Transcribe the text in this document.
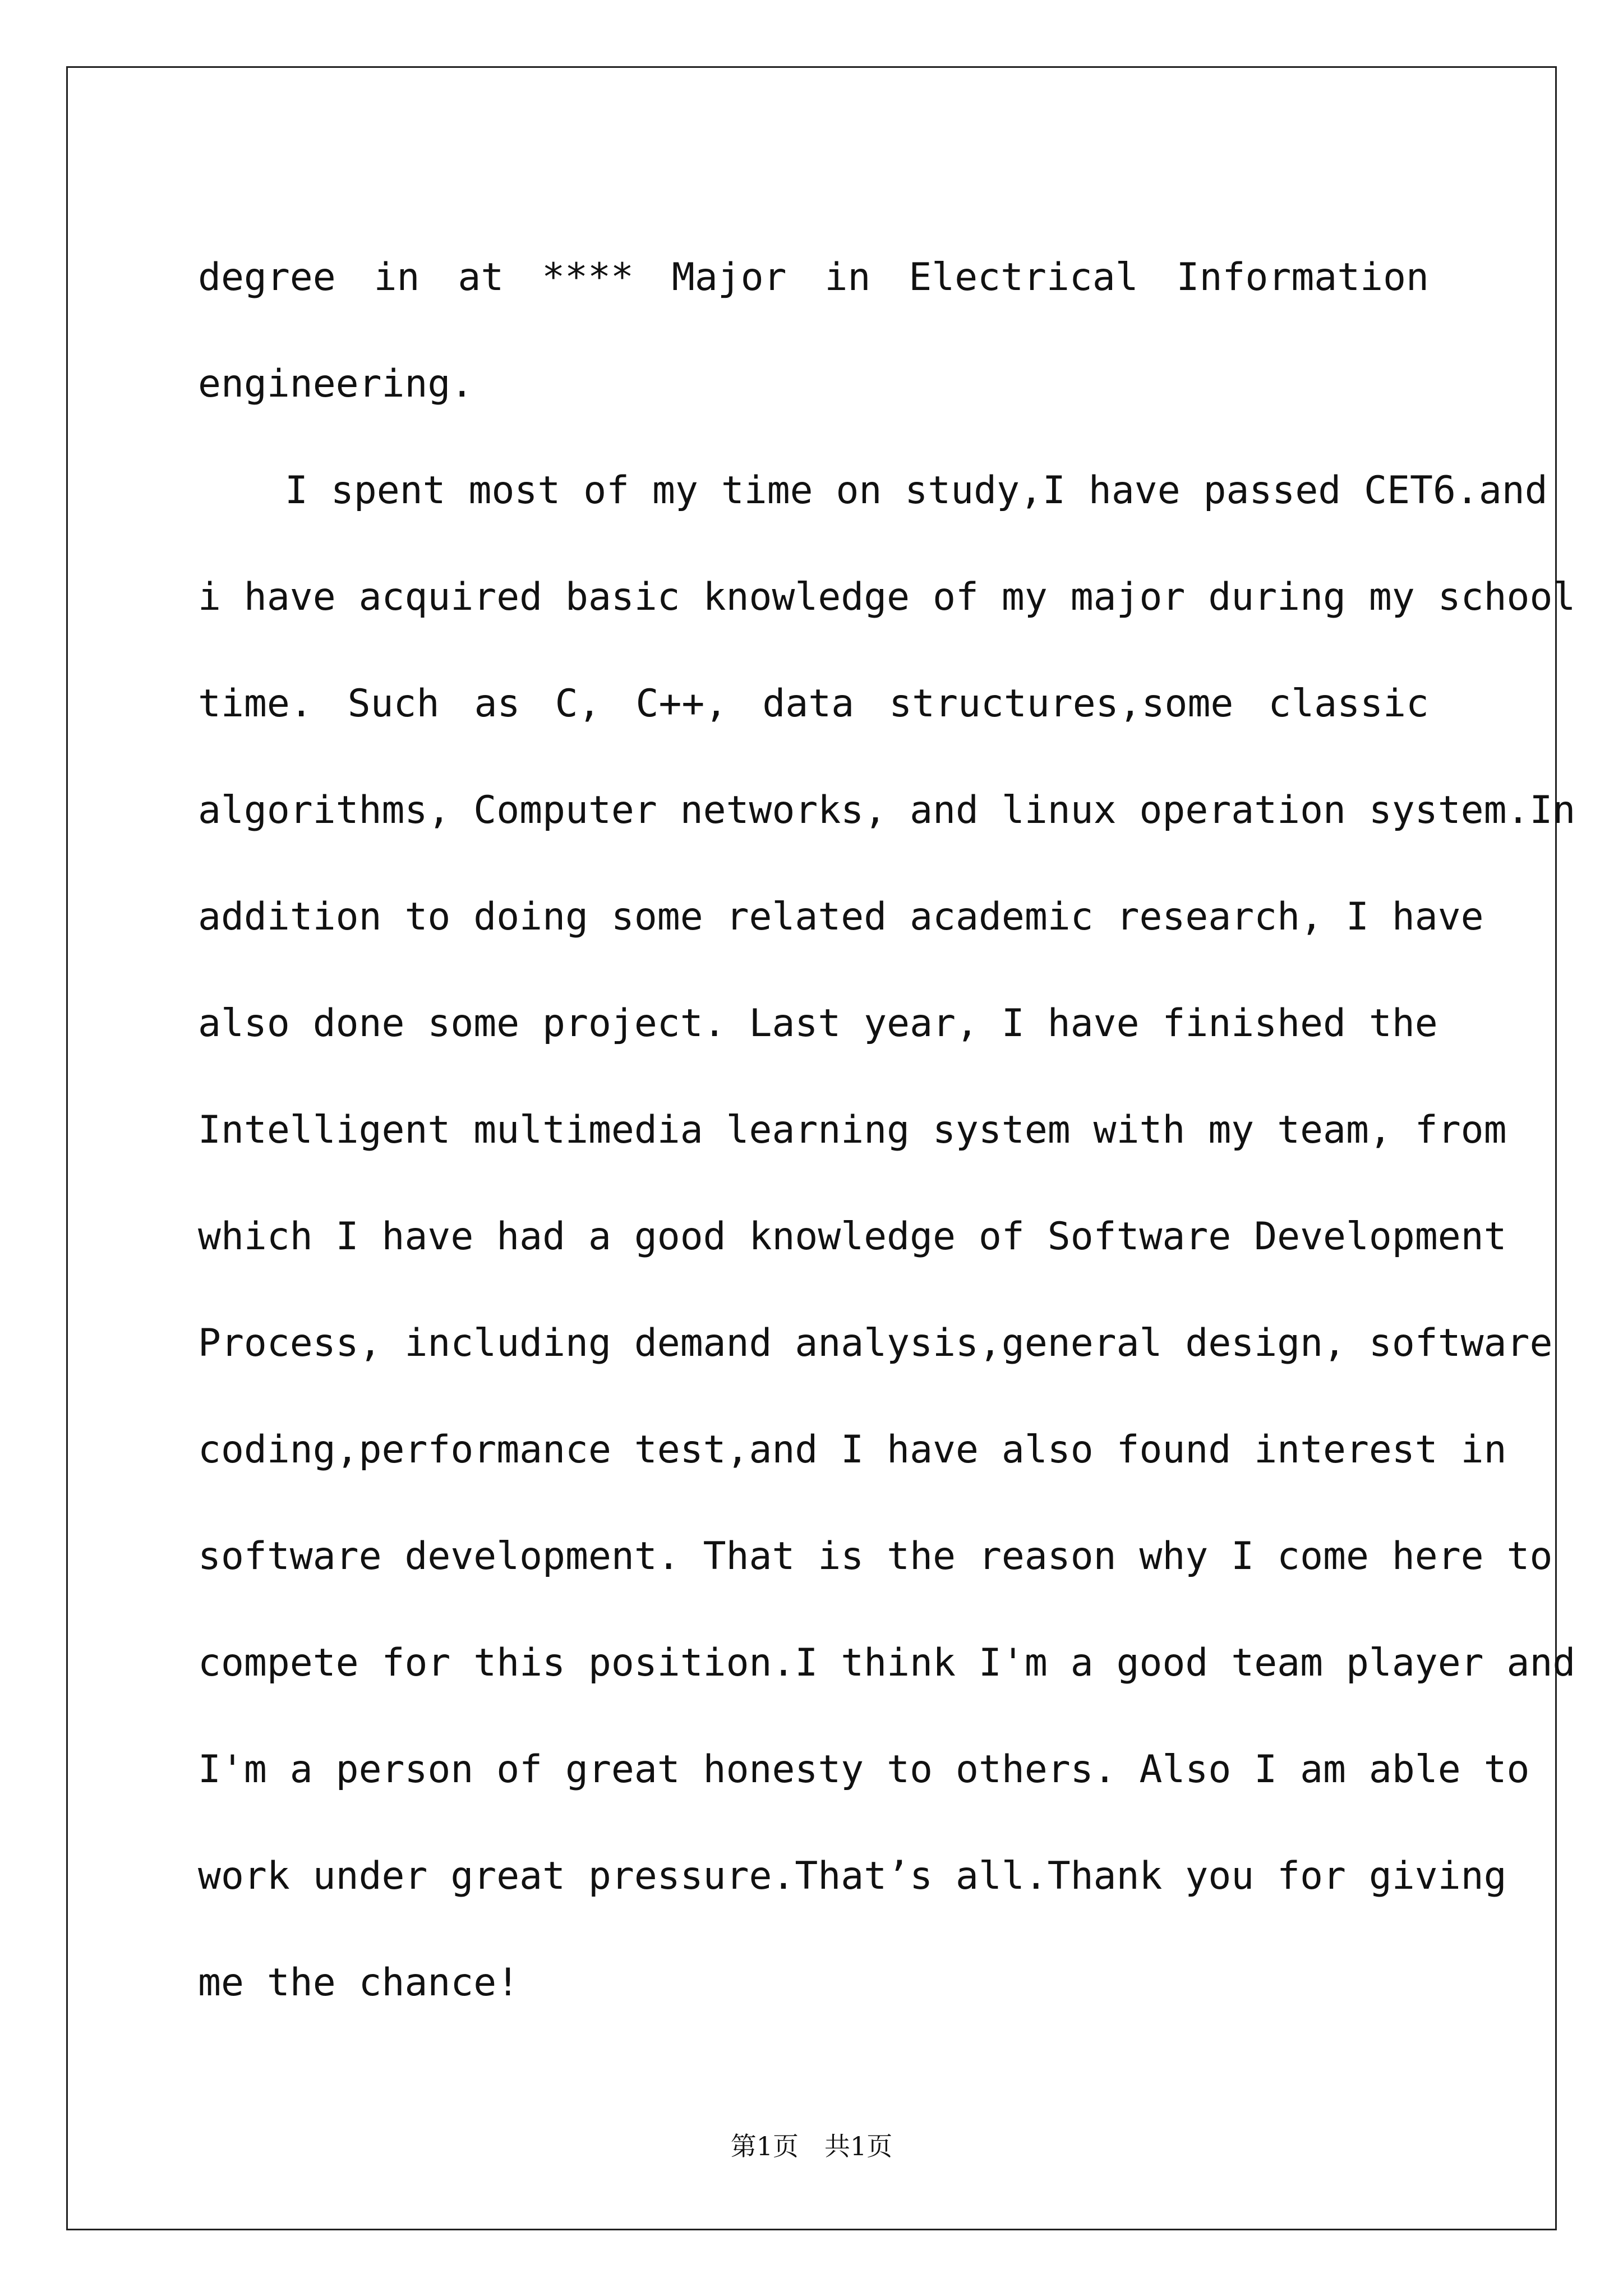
degree in at **** Major in Electrical Information
engineering.
I spent most of my time on study,I have passed CET6.and
i have acquired basic knowledge of my major during my school
time. Such as C, C++, data structures,some classic
algorithms, Computer networks, and linux operation system.In
addition to doing some related academic research, I have
also done some project. Last year, I have finished the
Intelligent multimedia learning system with my team, from
which I have had a good knowledge of Software Development
Process, including demand analysis,general design, software
coding,performance test,and I have also found interest in
software development. That is the reason why I come here to
compete for this position.I think I'm a good team player and
I'm a person of great honesty to others. Also I am able to
work under great pressure.That’s all.Thank you for giving
me the chance!
第1页　共1页
